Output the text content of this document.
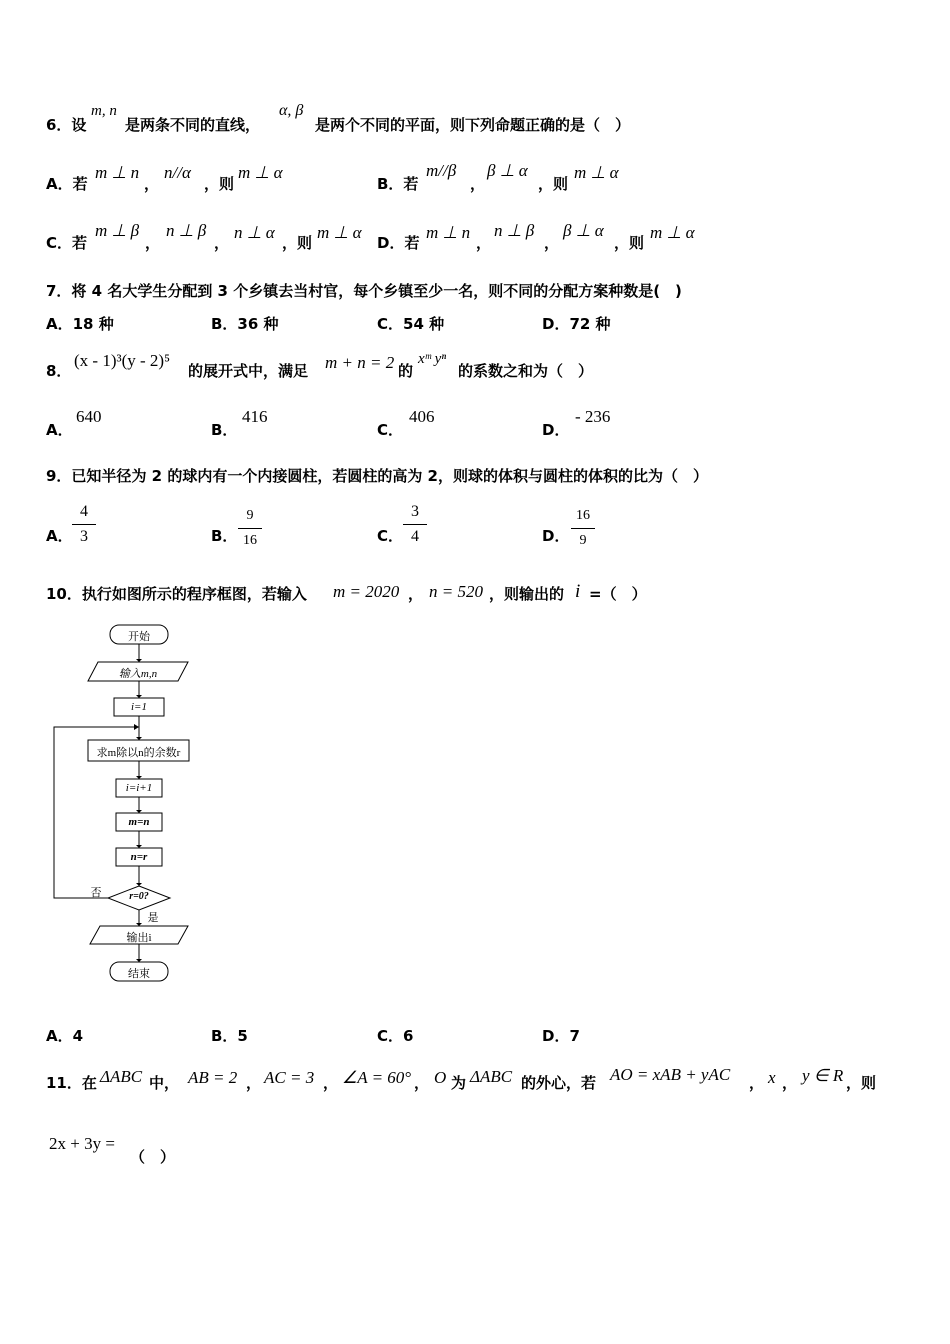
6．设
m, n
是两条不同的直线，
α, β
是两个不同的平面，则下列命题正确的是（　）
A．若
m ⊥ n
，
n//α
，则
m ⊥ α
B．若
m//β
，
β ⊥ α
，则
m ⊥ α
C．若
m ⊥ β
，
n ⊥ β
，
n ⊥ α
，则
m ⊥ α
D．若
m ⊥ n
，
n ⊥ β
，
β ⊥ α
，则
m ⊥ α
7．将 4 名大学生分配到 3 个乡镇去当村官，每个乡镇至少一名，则不同的分配方案种数是(　)
A．18 种	B．36 种	C．54 种	D．72 种
8．
(x - 1)³(y - 2)⁵
的展开式中，满足 m + n = 2 的
xᵐ yⁿ
的系数之和为（　）
A．
640
B．
416
C．
406
D．
- 236
9．已知半径为 2 的球内有一个内接圆柱，若圆柱的高为 2，则球的体积与圆柱的体积的比为（　）
A． $\frac{4}{3}$	B． $\frac{9}{16}$	C． $\frac{3}{4}$	D． $\frac{16}{9}$
10．执行如图所示的程序框图，若输入 m = 2020 ， n = 520 ，则输出的 i =（　）
开始
输入m,n
i=1
求m除以n的余数r
i=i+1
m=n
n=r
r=0?
否
是
输出i
结束
A．4	B．5	C．6	D．7
11．在 ΔABC 中， AB = 2 ， AC = 3 ， ∠A = 60° ， O 为 ΔABC 的外心，若 AO = xAB + yAC ， x ， y ∈ R ，则
2x + 3y =
（　）
